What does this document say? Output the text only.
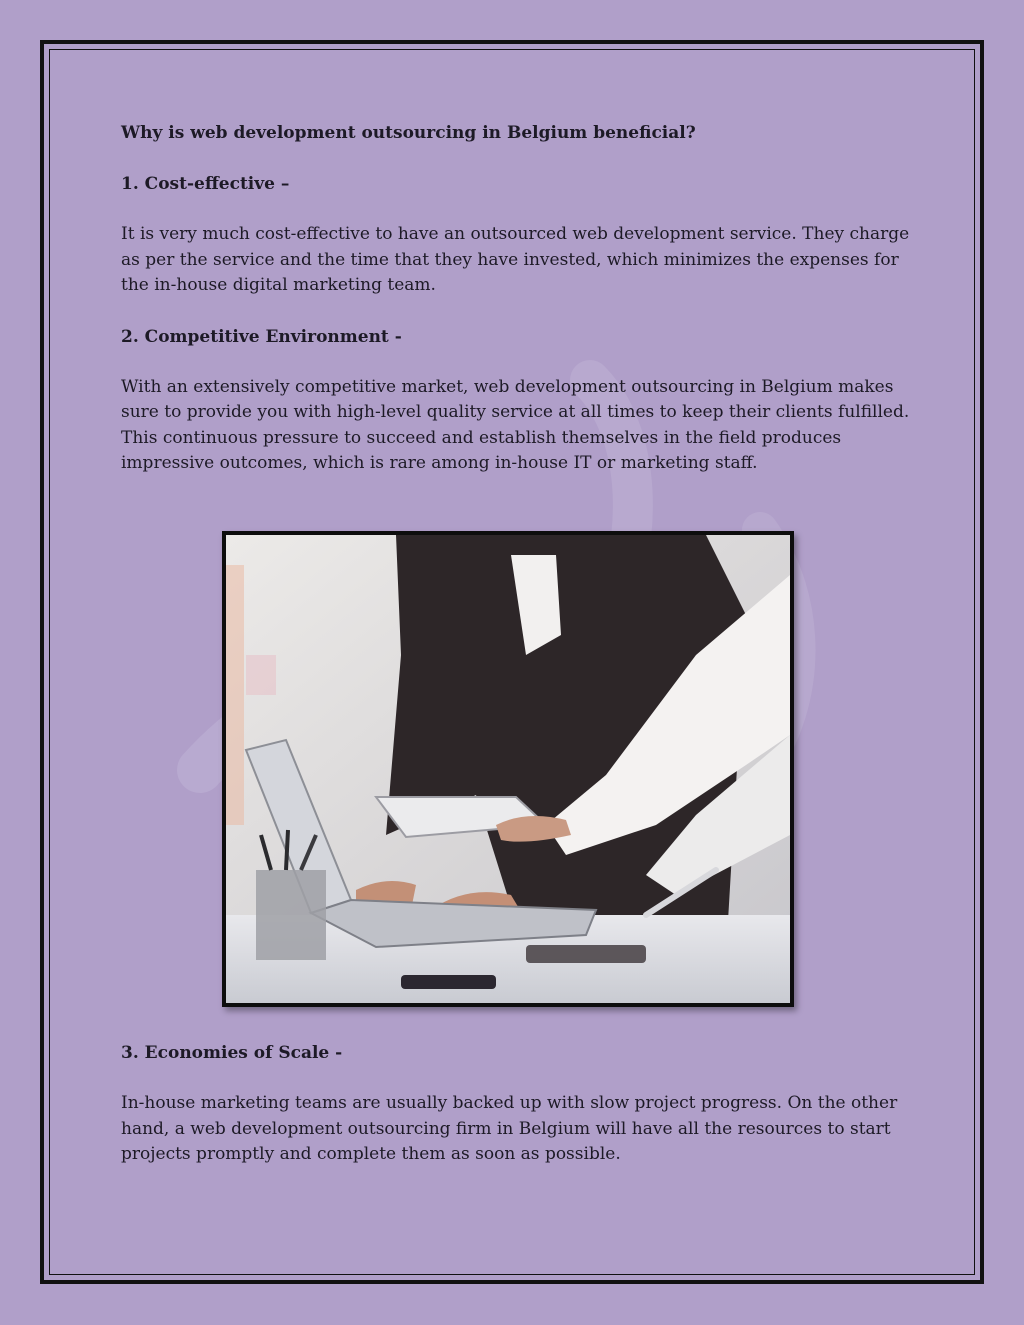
Why is web development outsourcing in Belgium beneficial?

1. Cost-effective –

It is very much cost-effective to have an outsourced web development service. They charge as per the service and the time that they have invested, which minimizes the expenses for the in-house digital marketing team.

2. Competitive Environment -

With an extensively competitive market, web development outsourcing in Belgium makes sure to provide you with high-level quality service at all times to keep their clients fulfilled. This continuous pressure to succeed and establish themselves in the field produces impressive outcomes, which is rare among in-house IT or marketing staff.

3. Economies of Scale -

In-house marketing teams are usually backed up with slow project progress. On the other hand, a web development outsourcing firm in Belgium will have all the resources to start projects promptly and complete them as soon as possible.
